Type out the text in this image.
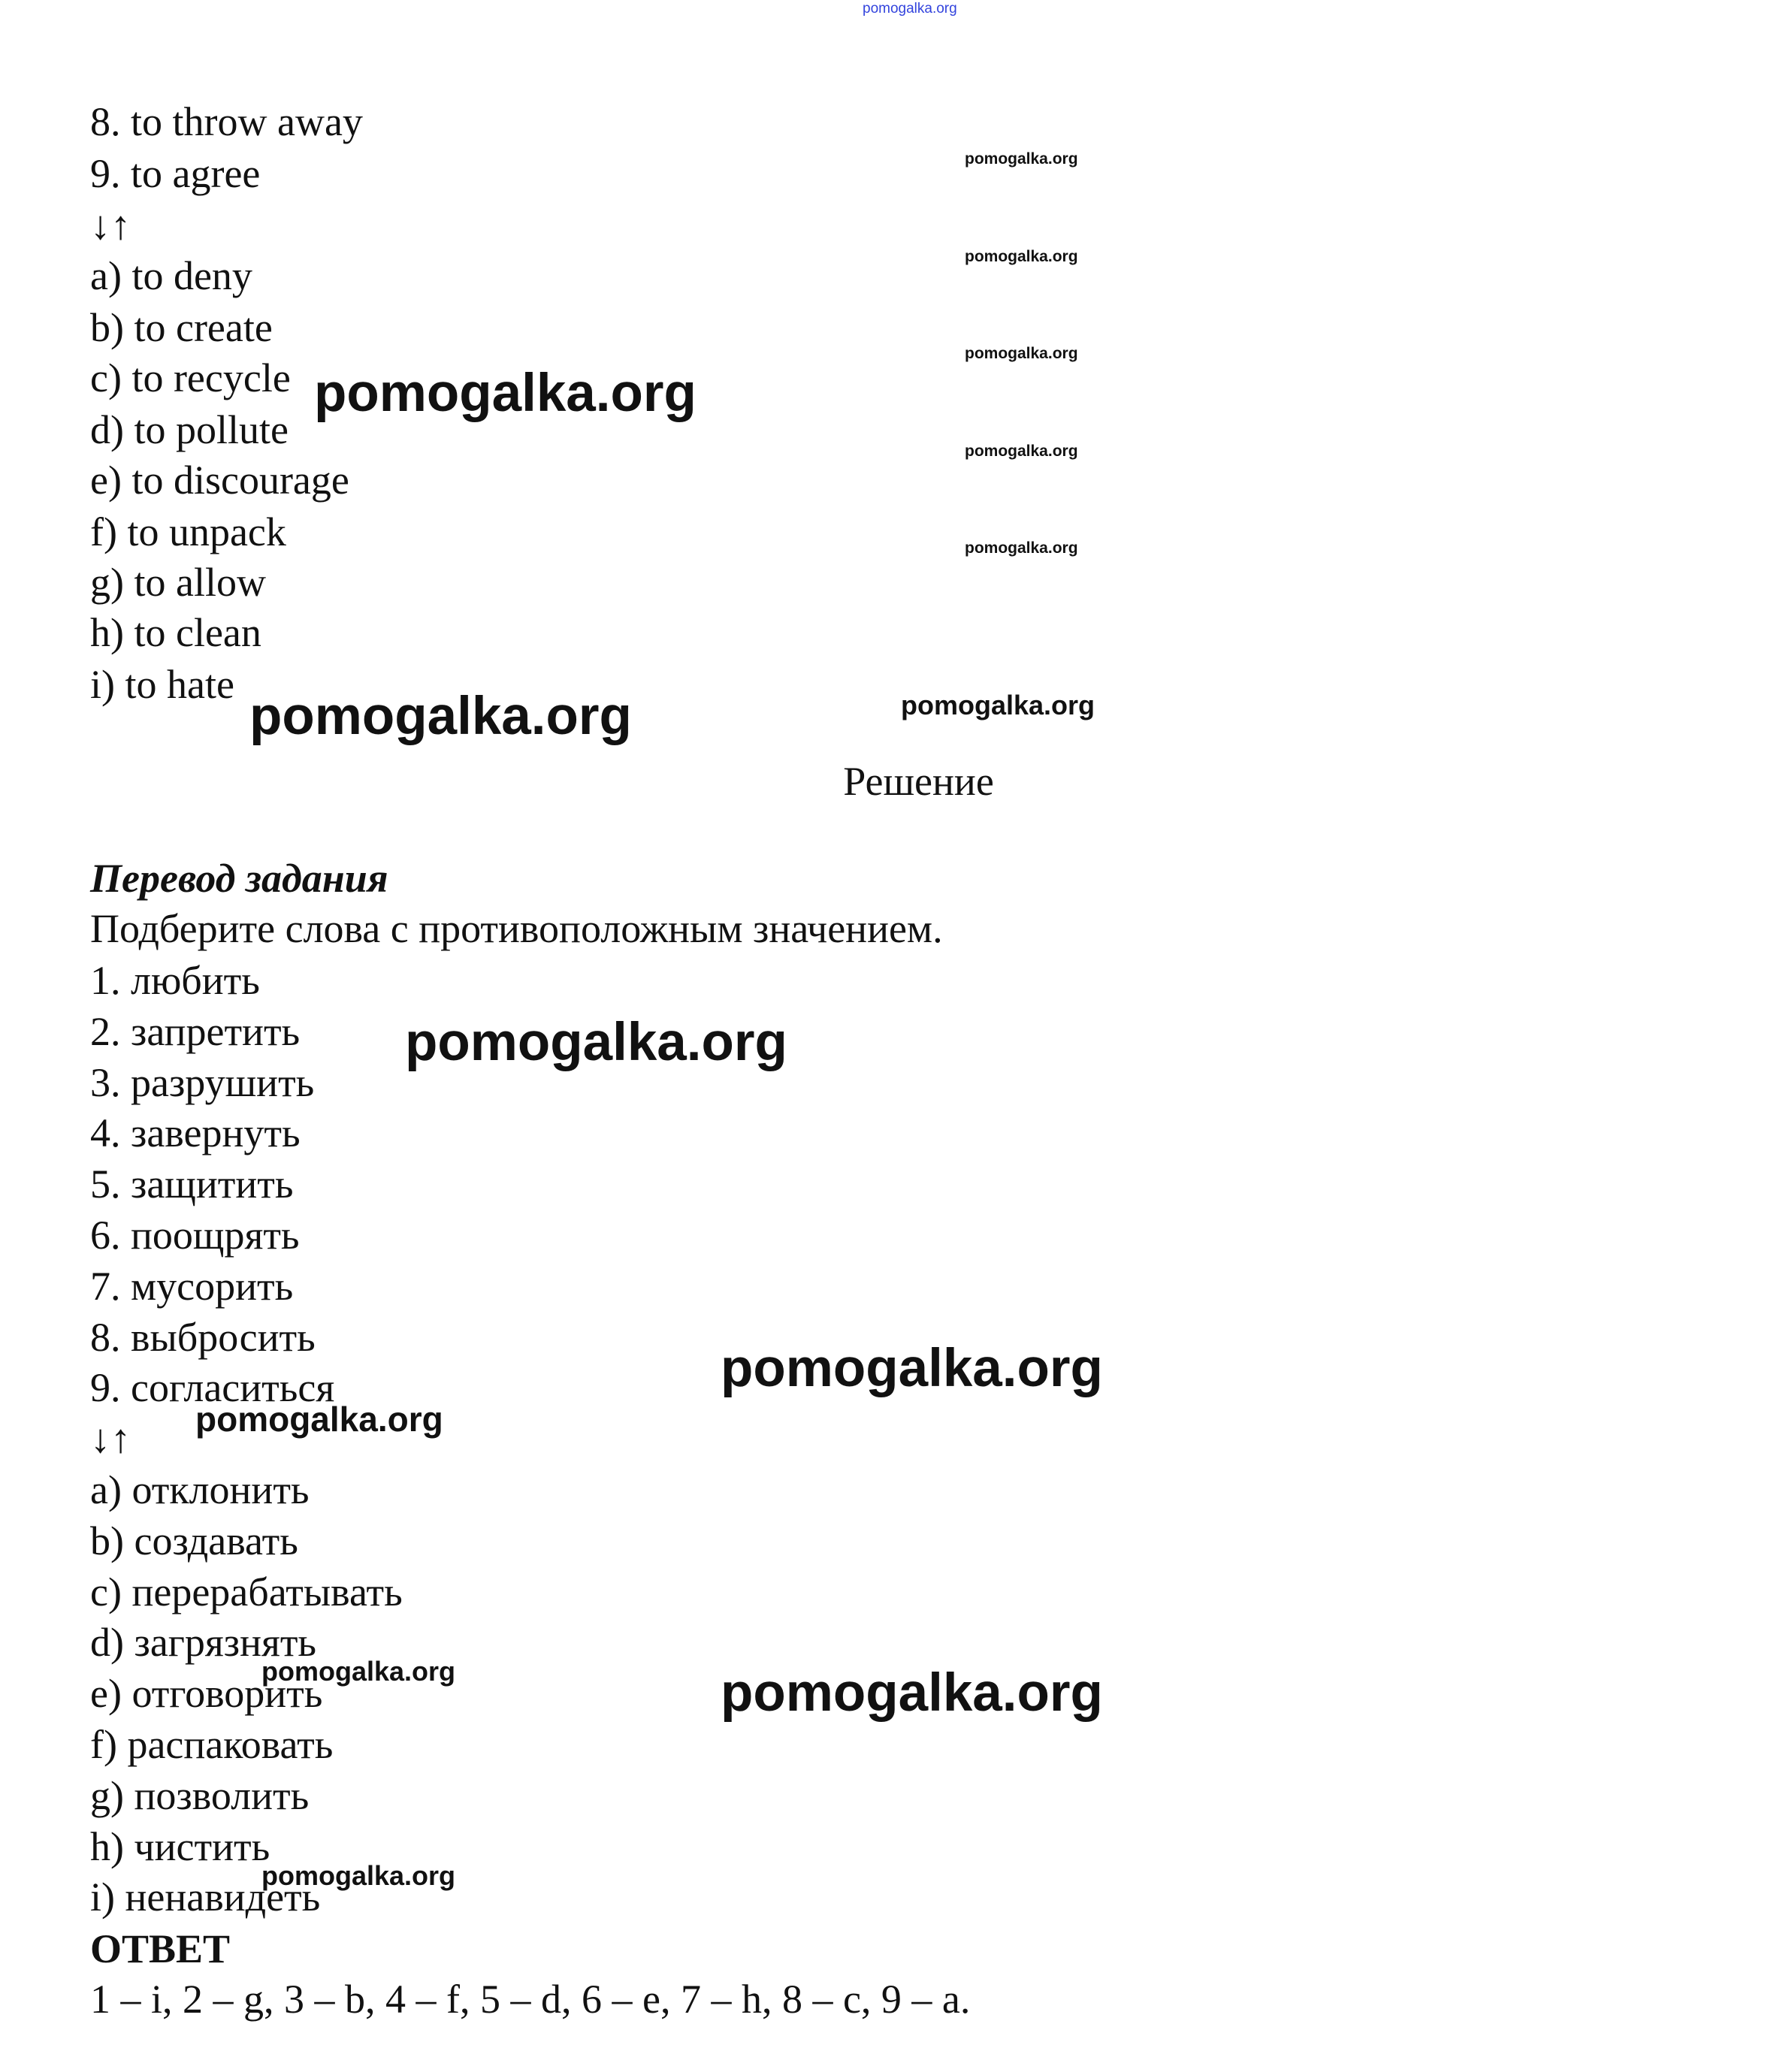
8. to throw away
9. to agree
↓↑
a) to deny
b) to create
c) to recycle
d) to pollute
e) to discourage
f) to unpack
g) to allow
h) to clean
i) to hate
Решение
Перевод задания
Подберите слова с противоположным значением.
1. любить
2. запретить
3. разрушить
4. завернуть
5. защитить
6. поощрять
7. мусорить
8. выбросить
9. согласиться
↓↑
a) отклонить
b) создавать
c) перерабатывать
d) загрязнять
e) отговорить
f) распаковать
g) позволить
h) чистить
i) ненавидеть
ОТВЕТ
1 – i, 2 – g, 3 – b, 4 – f, 5 – d, 6 – e, 7 – h, 8 – c, 9 – a.
pomogalka.org
pomogalka.org
pomogalka.org
pomogalka.org
pomogalka.org
pomogalka.org
pomogalka.org
pomogalka.org
pomogalka.org
pomogalka.org
pomogalka.org
pomogalka.org
pomogalka.org
pomogalka.org
pomogalka.org
